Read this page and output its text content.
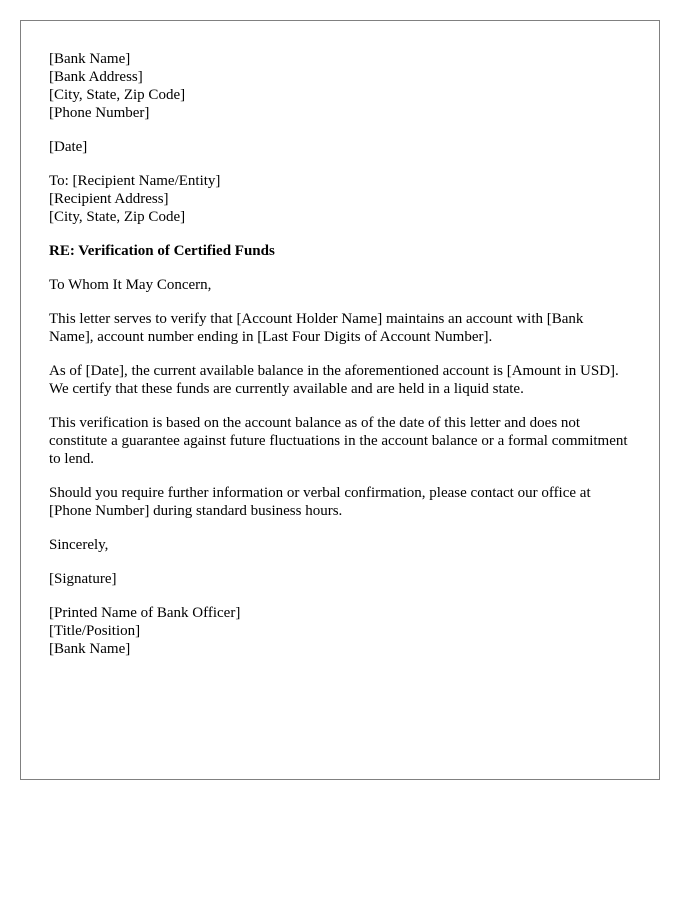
[Bank Name]
[Bank Address]
[City, State, Zip Code]
[Phone Number]
[Date]
To: [Recipient Name/Entity]
[Recipient Address]
[City, State, Zip Code]

RE: Verification of Certified Funds

To Whom It May Concern,

This letter serves to verify that [Account Holder Name] maintains an account with [Bank Name], account number ending in [Last Four Digits of Account Number].

As of [Date], the current available balance in the aforementioned account is [Amount in USD]. We certify that these funds are currently available and are held in a liquid state.

This verification is based on the account balance as of the date of this letter and does not constitute a guarantee against future fluctuations in the account balance or a formal commitment to lend.

Should you require further information or verbal confirmation, please contact our office at [Phone Number] during standard business hours.

Sincerely,

[Signature]

[Printed Name of Bank Officer]
[Title/Position]
[Bank Name]
